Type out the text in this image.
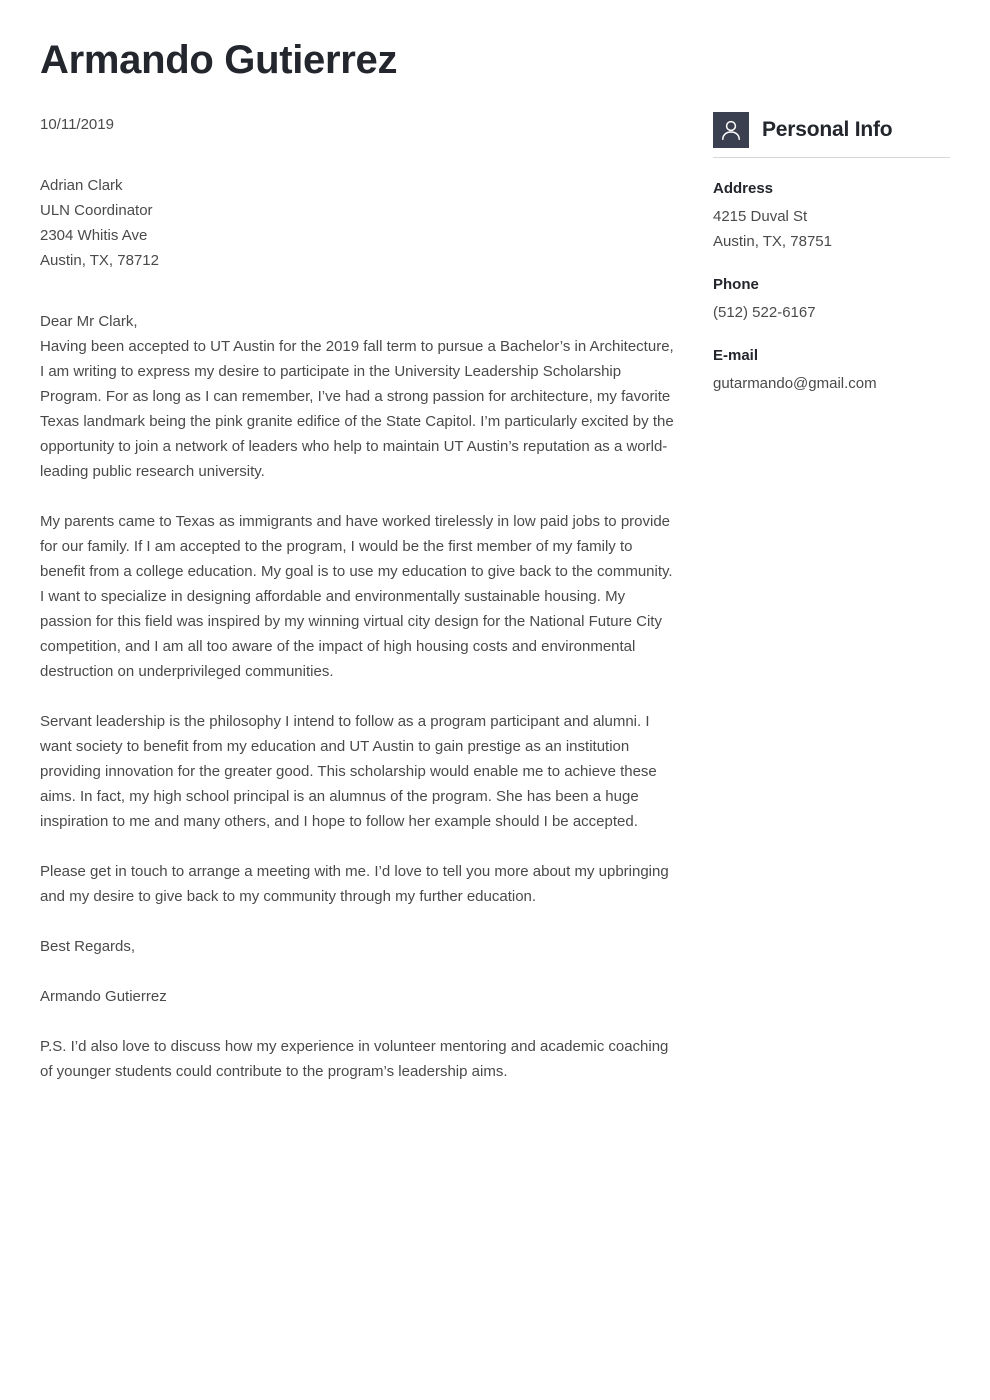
Armando Gutierrez

10/11/2019

Adrian Clark

ULN Coordinator

2304 Whitis Ave

Austin, TX, 78712

Dear Mr Clark,

Having been accepted to UT Austin for the 2019 fall term to pursue a Bachelor’s in Architecture, I am writing to express my desire to participate in the University Leadership Scholarship Program. For as long as I can remember, I’ve had a strong passion for architecture, my favorite Texas landmark being the pink granite edifice of the State Capitol. I’m particularly excited by the opportunity to join a network of leaders who help to maintain UT Austin’s reputation as a world-leading public research university.

My parents came to Texas as immigrants and have worked tirelessly in low paid jobs to provide for our family. If I am accepted to the program, I would be the first member of my family to benefit from a college education. My goal is to use my education to give back to the community. I want to specialize in designing affordable and environmentally sustainable housing. My passion for this field was inspired by my winning virtual city design for the National Future City competition, and I am all too aware of the impact of high housing costs and environmental destruction on underprivileged communities.

Servant leadership is the philosophy I intend to follow as a program participant and alumni. I want society to benefit from my education and UT Austin to gain prestige as an institution providing innovation for the greater good. This scholarship would enable me to achieve these aims. In fact, my high school principal is an alumnus of the program. She has been a huge inspiration to me and many others, and I hope to follow her example should I be accepted.

Please get in touch to arrange a meeting with me. I’d love to tell you more about my upbringing and my desire to give back to my community through my further education.

Best Regards,

Armando Gutierrez

P.S. I’d also love to discuss how my experience in volunteer mentoring and academic coaching of younger students could contribute to the program’s leadership aims.

Personal Info

Address

4215 Duval St

Austin, TX, 78751

Phone

(512) 522-6167

E-mail

gutarmando@gmail.com
